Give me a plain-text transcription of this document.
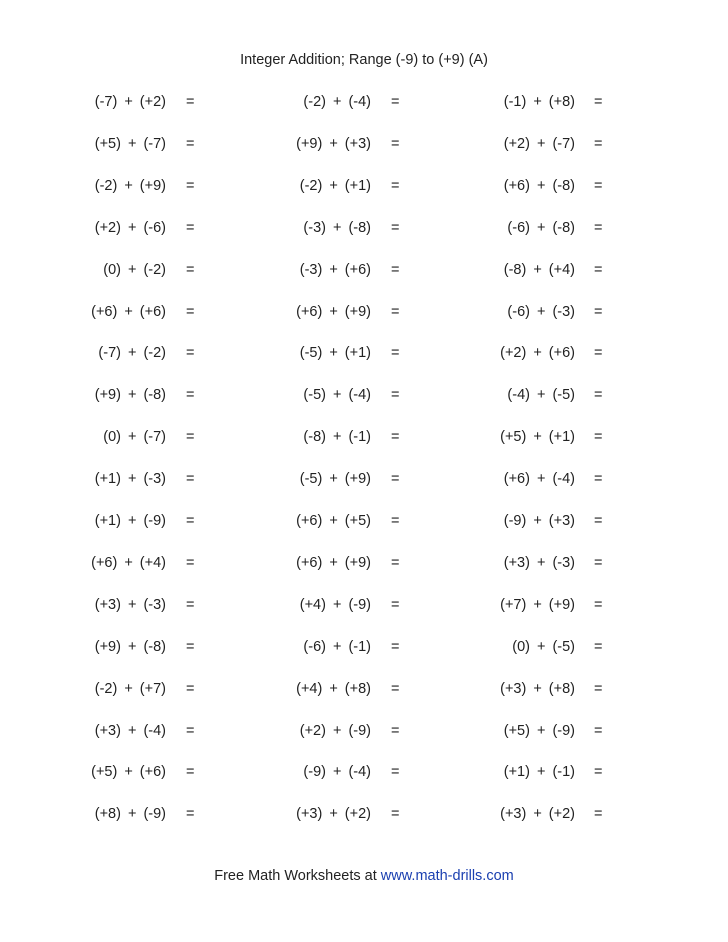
Integer Addition; Range (-9) to (+9) (A)
(-7) + (+2) =
(+5) + (-7) =
(-2) + (+9) =
(+2) + (-6) =
(0) + (-2) =
(+6) + (+6) =
(-7) + (-2) =
(+9) + (-8) =
(0) + (-7) =
(+1) + (-3) =
(+1) + (-9) =
(+6) + (+4) =
(+3) + (-3) =
(+9) + (-8) =
(-2) + (+7) =
(+3) + (-4) =
(+5) + (+6) =
(+8) + (-9) =
(-2) + (-4) =
(+9) + (+3) =
(-2) + (+1) =
(-3) + (-8) =
(-3) + (+6) =
(+6) + (+9) =
(-5) + (+1) =
(-5) + (-4) =
(-8) + (-1) =
(-5) + (+9) =
(+6) + (+5) =
(+6) + (+9) =
(+4) + (-9) =
(-6) + (-1) =
(+4) + (+8) =
(+2) + (-9) =
(-9) + (-4) =
(+3) + (+2) =
(-1) + (+8) =
(+2) + (-7) =
(+6) + (-8) =
(-6) + (-8) =
(-8) + (+4) =
(-6) + (-3) =
(+2) + (+6) =
(-4) + (-5) =
(+5) + (+1) =
(+6) + (-4) =
(-9) + (+3) =
(+3) + (-3) =
(+7) + (+9) =
(0) + (-5) =
(+3) + (+8) =
(+5) + (-9) =
(+1) + (-1) =
(+3) + (+2) =
Free Math Worksheets at www.math-drills.com
